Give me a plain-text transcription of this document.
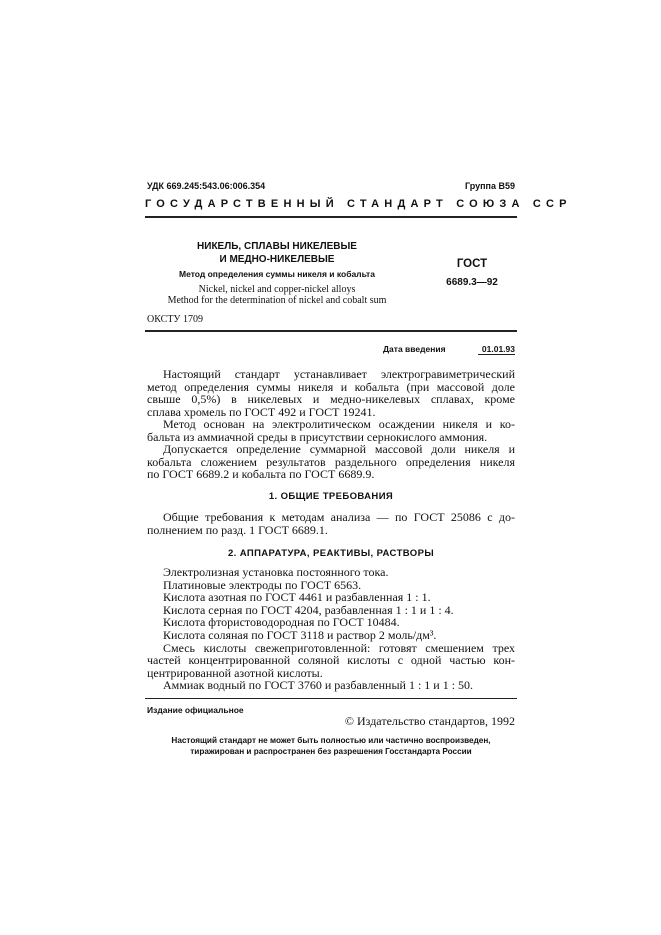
УДК 669.245:543.06:006.354	Группа В59
ГОСУДАРСТВЕННЫЙ СТАНДАРТ СОЮЗА ССР
НИКЕЛЬ, СПЛАВЫ НИКЕЛЕВЫЕ
И МЕДНО-НИКЕЛЕВЫЕ
Метод определения суммы никеля и кобальта
Nickel, nickel and copper-nickel alloys
Method for the determination of nickel and cobalt sum
ГОСТ
6689.3—92
ОКСТУ 1709
Дата введения	01.01.93
Настоящий стандарт устанавливает электрогравиметрический
метод определения суммы никеля и кобальта (при массовой доле
свыше 0,5%) в никелевых и медно-никелевых сплавах, кроме
сплава хромель по ГОСТ 492 и ГОСТ 19241.
Метод основан на электролитическом осаждении никеля и ко-
бальта из аммиачной среды в присутствии сернокислого аммония.
Допускается определение суммарной массовой доли никеля и
кобальта сложением результатов раздельного определения никеля
по ГОСТ 6689.2 и кобальта по ГОСТ 6689.9.
1. ОБЩИЕ ТРЕБОВАНИЯ
Общие требования к методам анализа — по ГОСТ 25086 с до-
полнением по разд. 1 ГОСТ 6689.1.
2. АППАРАТУРА, РЕАКТИВЫ, РАСТВОРЫ
Электролизная установка постоянного тока.
Платиновые электроды по ГОСТ 6563.
Кислота азотная по ГОСТ 4461 и разбавленная 1 : 1.
Кислота серная по ГОСТ 4204, разбавленная 1 : 1 и 1 : 4.
Кислота фтористоводородная по ГОСТ 10484.
Кислота соляная по ГОСТ 3118 и раствор 2 моль/дм³.
Смесь кислоты свежеприготовленной: готовят смешением трех
частей концентрированной соляной кислоты с одной частью кон-
центрированной азотной кислоты.
Аммиак водный по ГОСТ 3760 и разбавленный 1 : 1 и 1 : 50.
Издание официальное
© Издательство стандартов, 1992
Настоящий стандарт не может быть полностью или частично воспроизведен,
тиражирован и распространен без разрешения Госстандарта России
